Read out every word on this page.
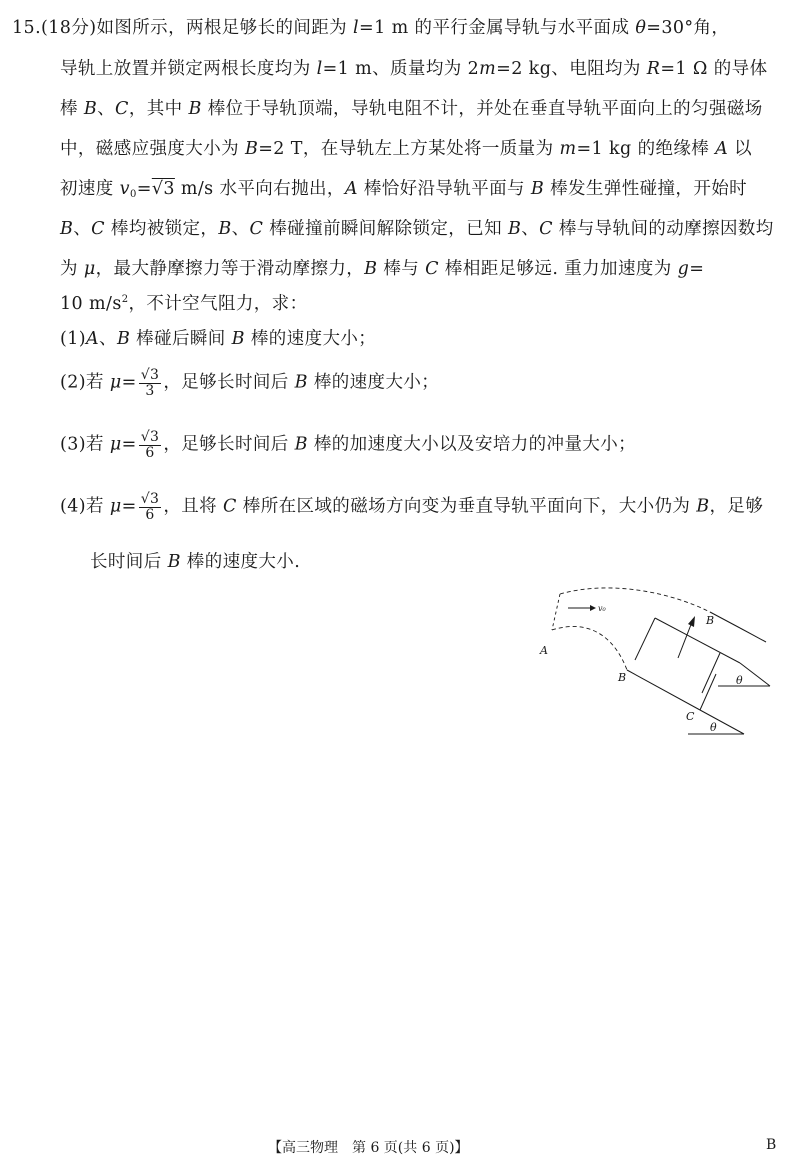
15.(18分)如图所示，两根足够长的间距为 l=1 m 的平行金属导轨与水平面成 θ=30°角，
导轨上放置并锁定两根长度均为 l=1 m、质量均为 2m=2 kg、电阻均为 R=1 Ω 的导体
棒 B、C，其中 B 棒位于导轨顶端，导轨电阻不计，并处在垂直导轨平面向上的匀强磁场
中，磁感应强度大小为 B=2 T，在导轨左上方某处将一质量为 m=1 kg 的绝缘棒 A 以
初速度 $v_0=√3$ m/s 水平向右抛出，A 棒恰好沿导轨平面与 B 棒发生弹性碰撞，开始时
B、C 棒均被锁定，B、C 棒碰撞前瞬间解除锁定，已知 B、C 棒与导轨间的动摩擦因数均
为 μ，最大静摩擦力等于滑动摩擦力，B 棒与 C 棒相距足够远. 重力加速度为 g=
10 $m/s^2$，不计空气阻力，求：
(1)A、B 棒碰后瞬间 B 棒的速度大小；
(2)若 $\mu= \frac{√3}{3}$ ，足够长时间后 B 棒的速度大小；
(3)若 $\mu= \frac{√3}{6}$ ，足够长时间后 B 棒的加速度大小以及安培力的冲量大小；
(4)若 $\mu= \frac{√3}{6}$ ，且将 C 棒所在区域的磁场方向变为垂直导轨平面向下，大小仍为 B，足够
长时间后 B 棒的速度大小.
v₀
A
B
B
C
θ
θ
【高三物理　第 6 页(共 6 页)】	B
